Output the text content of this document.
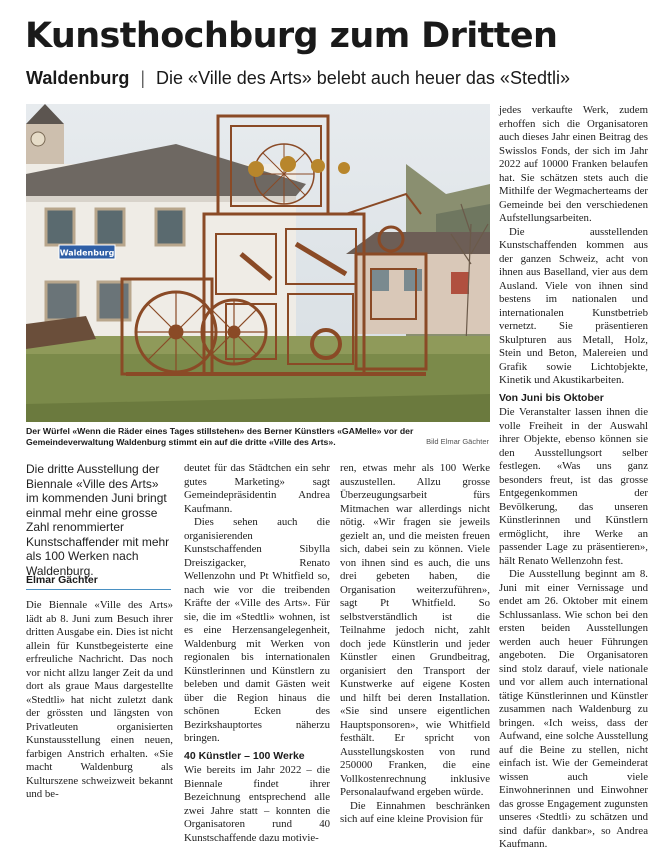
Kunsthochburg zum Dritten
Waldenburg | Die «Ville des Arts» belebt auch heuer das «Stedtli»
Waldenburg
Der Würfel «Wenn die Räder eines Tages stillstehen» des Berner Künstlers «GAMelle» vor der Gemeindeverwaltung Waldenburg stimmt ein auf die dritte «Ville des Arts».	Bild Elmar Gächter
Die dritte Ausstellung der Biennale «Ville des Arts» im kommenden Juni bringt einmal mehr eine grosse Zahl renommierter Kunstschaffender mit mehr als 100 Werken nach Waldenburg.
Elmar Gächter

Die Biennale «Ville des Arts» lädt ab 8. Juni zum Besuch ihrer dritten Ausgabe ein. Dies ist nicht allein für Kunstbegeisterte eine erfreuliche Nachricht. Das noch vor nicht allzu langer Zeit da und dort als graue Maus dargestellte «Stedtli» hat nicht zuletzt dank der grössten und längsten von Privatleuten organisierten Kunstausstellung einen neuen, farbigen Anstrich erhalten. «Sie macht Waldenburg als Kulturszene schweizweit bekannt und be-

deutet für das Städtchen ein sehr gutes Marketing» sagt Gemeindepräsidentin Andrea Kaufmann.

Dies sehen auch die organisierenden Kunstschaffenden Sibylla Dreiszigacker, Renato Wellenzohn und Pt Whitfield so, nach wie vor die treibenden Kräfte der «Ville des Arts». Für sie, die im «Stedtli» wohnen, ist es eine Herzensangelegenheit, Waldenburg mit Werken von regionalen bis internationalen Künstlerinnen und Künstlern zu beleben und damit Gästen weit über die Region hinaus die schönen Ecken des Bezirkshauptortes näherzu bringen.

40 Künstler – 100 Werke

Wie bereits im Jahr 2022 – die Biennale findet ihrer Bezeichnung entsprechend alle zwei Jahre statt – konnten die Organisatoren rund 40 Kunstschaffende dazu motivie-

ren, etwas mehr als 100 Werke auszustellen. Allzu grosse Überzeugungsarbeit fürs Mitmachen war allerdings nicht nötig. «Wir fragen sie jeweils gezielt an, und die meisten freuen sich, dabei sein zu können. Viele von ihnen sind es auch, die uns drei gebeten haben, die Organisation weiterzuführen», sagt Pt Whitfield. So selbstverständlich ist die Teilnahme jedoch nicht, zahlt doch jede Künstlerin und jeder Künstler einen Grundbeitrag, organisiert den Transport der Kunstwerke auf eigene Kosten und hilft bei deren Installation. «Sie sind unsere eigentlichen Hauptsponsoren», wie Whitfield festhält. Er spricht von Ausstellungskosten von rund 250000 Franken, die eine Vollkostenrechnung inklusive Personalaufwand ergeben würde.

Die Einnahmen beschränken sich auf eine kleine Provision für

jedes verkaufte Werk, zudem erhoffen sich die Organisatoren auch dieses Jahr einen Beitrag des Swisslos Fonds, der sich im Jahr 2022 auf 10000 Franken belaufen hat. Sie schätzen stets auch die Mithilfe der Wegmacherteams der Gemeinde bei den verschiedenen Aufstellungsarbeiten.

Die ausstellenden Kunstschaffenden kommen aus der ganzen Schweiz, acht von ihnen aus Baselland, vier aus dem Ausland. Viele von ihnen sind bestens im nationalen und internationalen Kunstbetrieb vernetzt. Sie präsentieren Skulpturen aus Metall, Holz, Stein und Beton, Malereien und Grafik sowie Lichtobjekte, Kinetik und Akustikarbeiten.

Von Juni bis Oktober

Die Veranstalter lassen ihnen die volle Freiheit in der Auswahl ihrer Objekte, ebenso können sie den Ausstellungsort selber festlegen. «Was uns ganz besonders freut, ist das grosse Entgegenkommen der Bevölkerung, das unseren Künstlerinnen und Künstlern ermöglicht, ihre Werke an passender Lage zu präsentieren», hält Renato Wellenzohn fest.

Die Ausstellung beginnt am 8. Juni mit einer Vernissage und endet am 26. Oktober mit einem Schlussanlass. Wie schon bei den ersten beiden Ausstellungen werden auch heuer Führungen angeboten. Die Organisatoren sind stolz darauf, viele nationale und vor allem auch international tätige Künstlerinnen und Künstler zusammen nach Waldenburg zu bringen. «Ich weiss, dass der Aufwand, eine solche Ausstellung auf die Beine zu stellen, nicht einfach ist. Wie der Gemeinderat wissen auch viele Einwohnerinnen und Einwohner das grosse Engagement zugunsten unseres ‹Stedtli› zu schätzen und sind dafür dankbar», so Andrea Kaufmann.
